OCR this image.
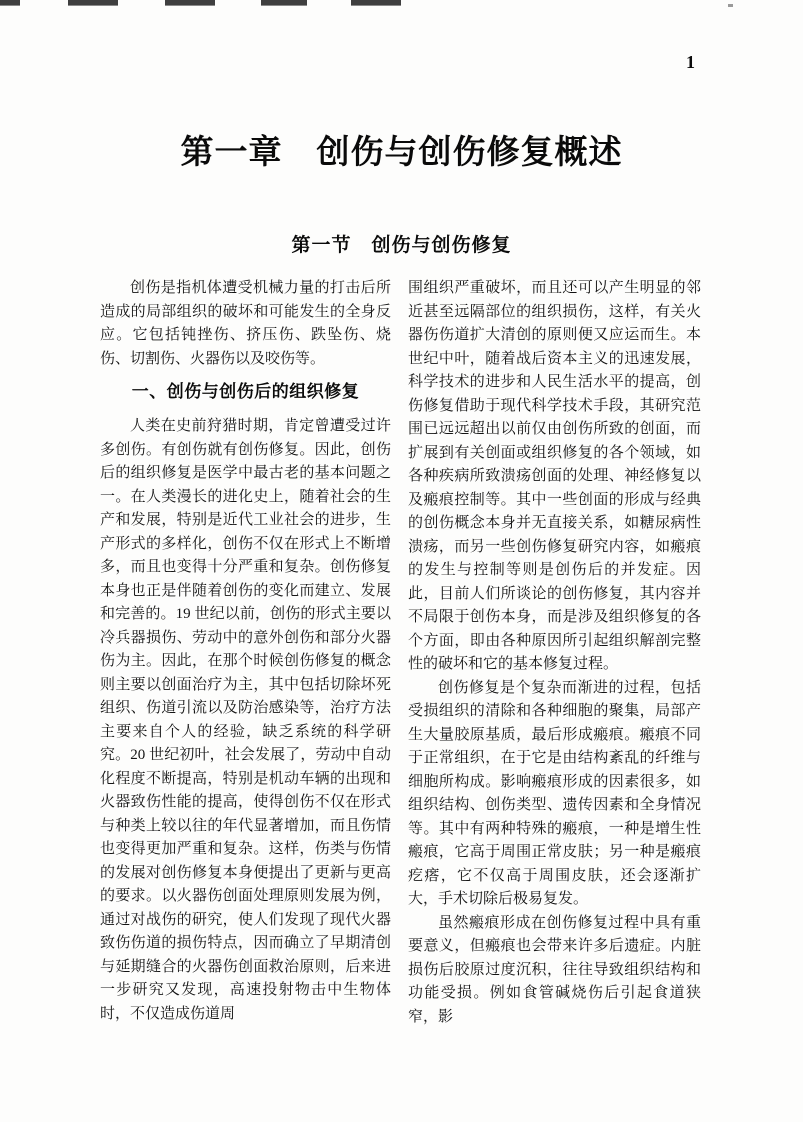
1
第一章　创伤与创伤修复概述
第一节　创伤与创伤修复

创伤是指机体遭受机械力量的打击后所造成的局部组织的破坏和可能发生的全身反应。它包括钝挫伤、挤压伤、跌坠伤、烧伤、切割伤、火器伤以及咬伤等。

一、创伤与创伤后的组织修复

人类在史前狩猎时期，肯定曾遭受过许多创伤。有创伤就有创伤修复。因此，创伤后的组织修复是医学中最古老的基本问题之一。在人类漫长的进化史上，随着社会的生产和发展，特别是近代工业社会的进步，生产形式的多样化，创伤不仅在形式上不断增多，而且也变得十分严重和复杂。创伤修复本身也正是伴随着创伤的变化而建立、发展和完善的。19 世纪以前，创伤的形式主要以冷兵器损伤、劳动中的意外创伤和部分火器伤为主。因此，在那个时候创伤修复的概念则主要以创面治疗为主，其中包括切除坏死组织、伤道引流以及防治感染等，治疗方法主要来自个人的经验，缺乏系统的科学研究。20 世纪初叶，社会发展了，劳动中自动化程度不断提高，特别是机动车辆的出现和火器致伤性能的提高，使得创伤不仅在形式与种类上较以往的年代显著增加，而且伤情也变得更加严重和复杂。这样，伤类与伤情的发展对创伤修复本身便提出了更新与更高的要求。以火器伤创面处理原则发展为例，通过对战伤的研究，使人们发现了现代火器致伤伤道的损伤特点，因而确立了早期清创与延期缝合的火器伤创面救治原则，后来进一步研究又发现，高速投射物击中生物体时，不仅造成伤道周

围组织严重破坏，而且还可以产生明显的邻近甚至远隔部位的组织损伤，这样，有关火器伤伤道扩大清创的原则便又应运而生。本世纪中叶，随着战后资本主义的迅速发展，科学技术的进步和人民生活水平的提高，创伤修复借助于现代科学技术手段，其研究范围已远远超出以前仅由创伤所致的创面，而扩展到有关创面或组织修复的各个领域，如各种疾病所致溃疡创面的处理、神经修复以及瘢痕控制等。其中一些创面的形成与经典的创伤概念本身并无直接关系，如糖尿病性溃疡，而另一些创伤修复研究内容，如瘢痕的发生与控制等则是创伤后的并发症。因此，目前人们所谈论的创伤修复，其内容并不局限于创伤本身，而是涉及组织修复的各个方面，即由各种原因所引起组织解剖完整性的破坏和它的基本修复过程。

创伤修复是个复杂而渐进的过程，包括受损组织的清除和各种细胞的聚集，局部产生大量胶原基质，最后形成瘢痕。瘢痕不同于正常组织，在于它是由结构紊乱的纤维与细胞所构成。影响瘢痕形成的因素很多，如组织结构、创伤类型、遗传因素和全身情况等。其中有两种特殊的瘢痕，一种是增生性瘢痕，它高于周围正常皮肤；另一种是瘢痕疙瘩，它不仅高于周围皮肤，还会逐渐扩大，手术切除后极易复发。

虽然瘢痕形成在创伤修复过程中具有重要意义，但瘢痕也会带来许多后遗症。内脏损伤后胶原过度沉积，往往导致组织结构和功能受损。例如食管碱烧伤后引起食道狭窄，影
